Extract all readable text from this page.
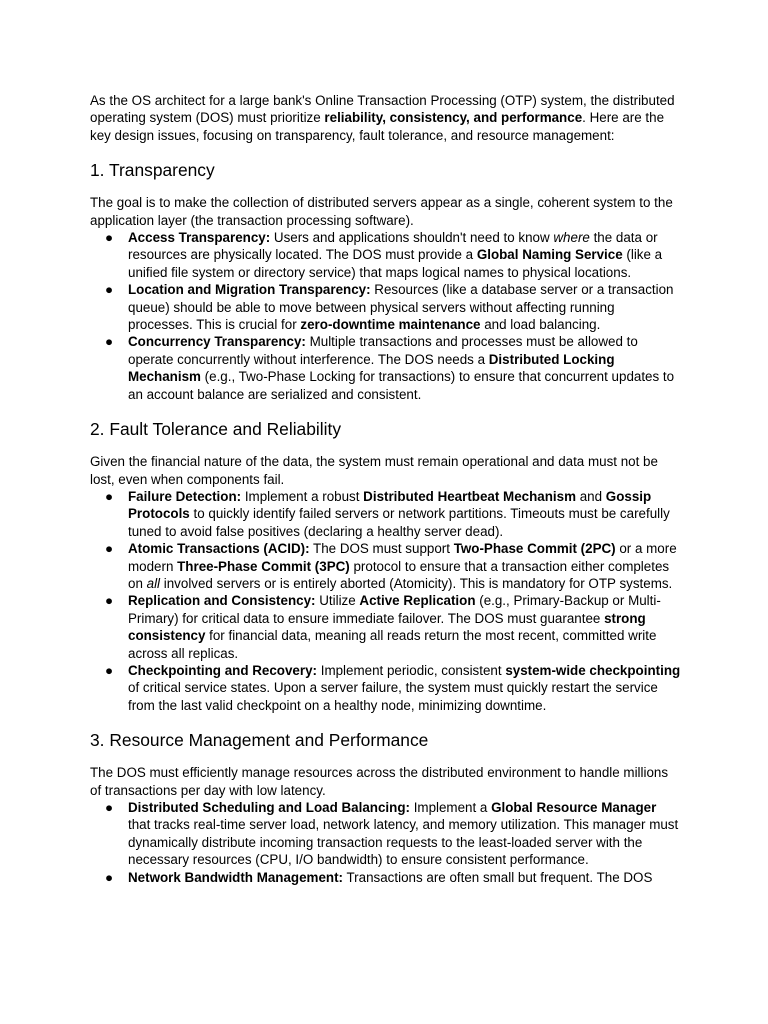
As the OS architect for a large bank's Online Transaction Processing (OTP) system, the distributed operating system (DOS) must prioritize reliability, consistency, and performance. Here are the key design issues, focusing on transparency, fault tolerance, and resource management:

1. Transparency

The goal is to make the collection of distributed servers appear as a single, coherent system to the application layer (the transaction processing software).

● Access Transparency: Users and applications shouldn't need to know where the data or resources are physically located. The DOS must provide a Global Naming Service (like a unified file system or directory service) that maps logical names to physical locations.
● Location and Migration Transparency: Resources (like a database server or a transaction queue) should be able to move between physical servers without affecting running processes. This is crucial for zero-downtime maintenance and load balancing.
● Concurrency Transparency: Multiple transactions and processes must be allowed to operate concurrently without interference. The DOS needs a Distributed Locking Mechanism (e.g., Two-Phase Locking for transactions) to ensure that concurrent updates to an account balance are serialized and consistent.
2. Fault Tolerance and Reliability

Given the financial nature of the data, the system must remain operational and data must not be lost, even when components fail.

● Failure Detection: Implement a robust Distributed Heartbeat Mechanism and Gossip Protocols to quickly identify failed servers or network partitions. Timeouts must be carefully tuned to avoid false positives (declaring a healthy server dead).
● Atomic Transactions (ACID): The DOS must support Two-Phase Commit (2PC) or a more modern Three-Phase Commit (3PC) protocol to ensure that a transaction either completes on all involved servers or is entirely aborted (Atomicity). This is mandatory for OTP systems.
● Replication and Consistency: Utilize Active Replication (e.g., Primary-Backup or Multi-Primary) for critical data to ensure immediate failover. The DOS must guarantee strong consistency for financial data, meaning all reads return the most recent, committed write across all replicas.
● Checkpointing and Recovery: Implement periodic, consistent system-wide checkpointing of critical service states. Upon a server failure, the system must quickly restart the service from the last valid checkpoint on a healthy node, minimizing downtime.
3. Resource Management and Performance

The DOS must efficiently manage resources across the distributed environment to handle millions of transactions per day with low latency.

● Distributed Scheduling and Load Balancing: Implement a Global Resource Manager that tracks real-time server load, network latency, and memory utilization. This manager must dynamically distribute incoming transaction requests to the least-loaded server with the necessary resources (CPU, I/O bandwidth) to ensure consistent performance.
● Network Bandwidth Management: Transactions are often small but frequent. The DOS
